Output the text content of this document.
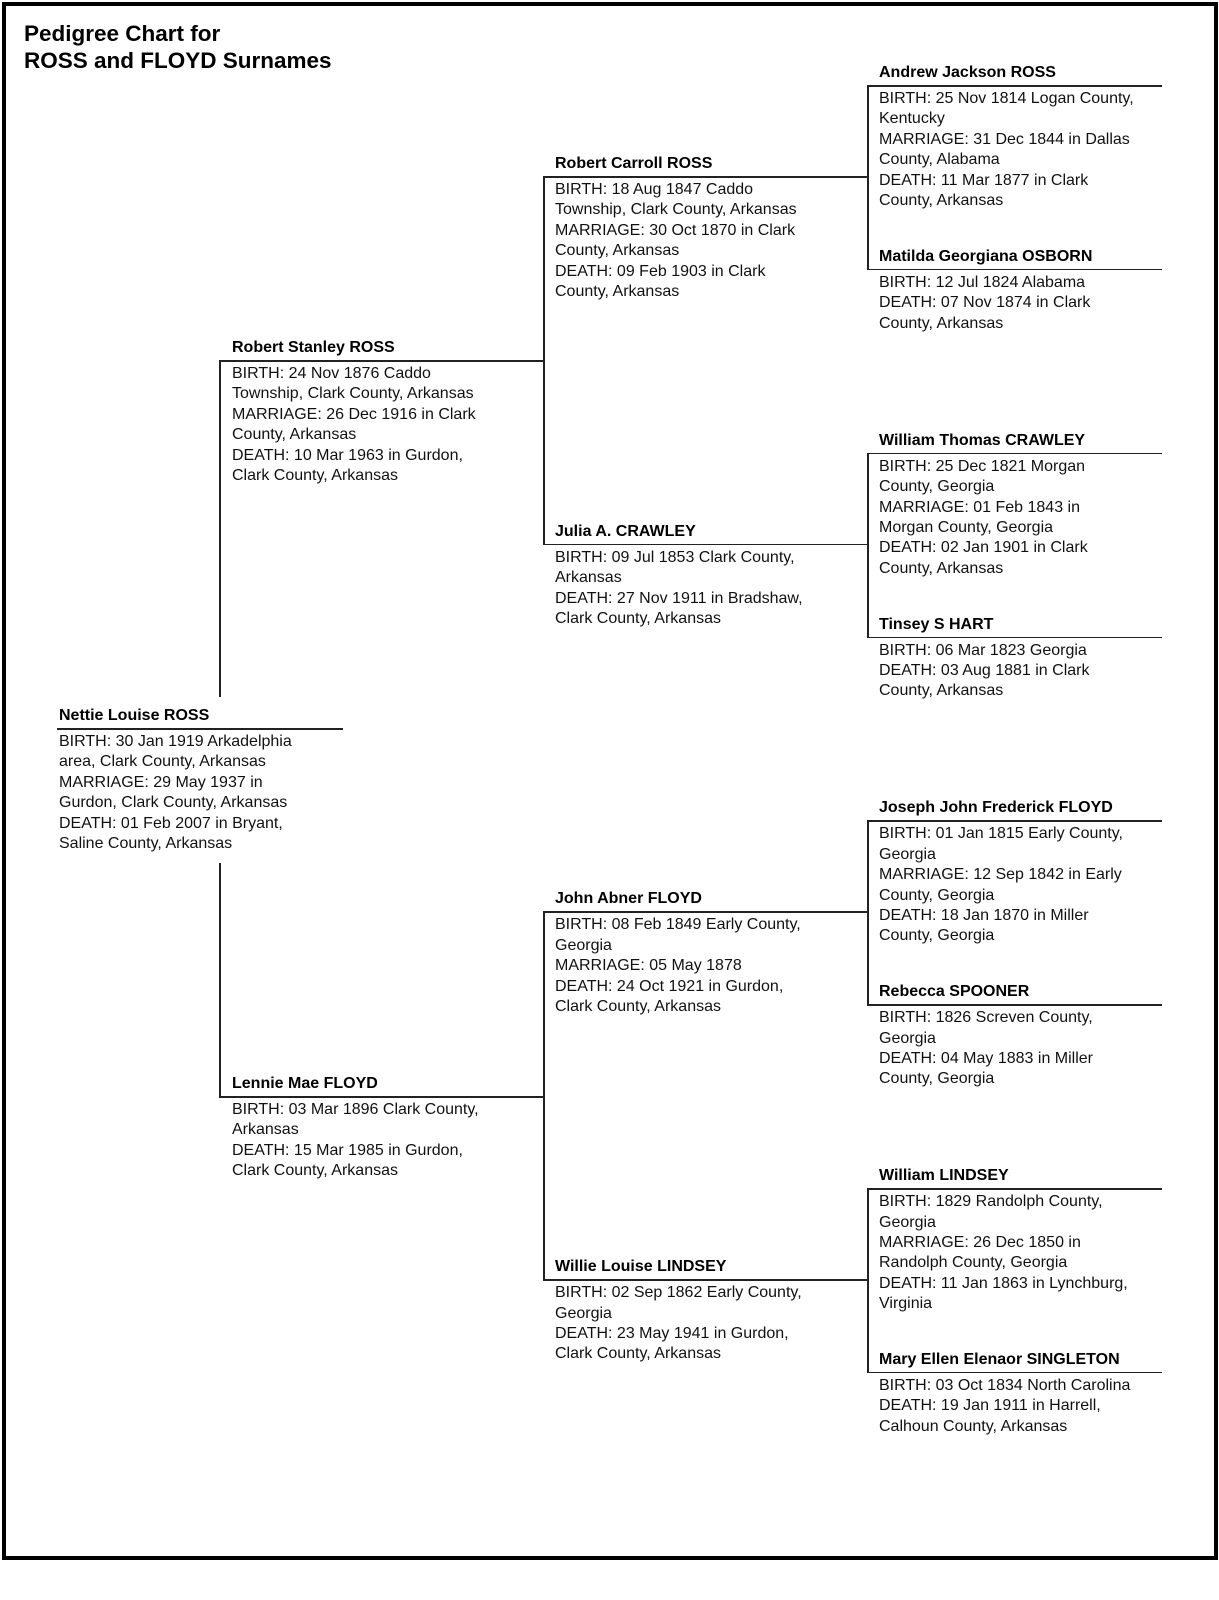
Pedigree Chart for
ROSS and FLOYD Surnames
Nettie Louise ROSS
BIRTH: 30 Jan 1919 Arkadelphia
area, Clark County, Arkansas
MARRIAGE: 29 May 1937 in
Gurdon, Clark County, Arkansas
DEATH: 01 Feb 2007 in Bryant,
Saline County, Arkansas
Robert Stanley ROSS
BIRTH: 24 Nov 1876 Caddo
Township, Clark County, Arkansas
MARRIAGE: 26 Dec 1916 in Clark
County, Arkansas
DEATH: 10 Mar 1963 in Gurdon,
Clark County, Arkansas
Lennie Mae FLOYD
BIRTH: 03 Mar 1896 Clark County,
Arkansas
DEATH: 15 Mar 1985 in Gurdon,
Clark County, Arkansas
Robert Carroll ROSS
BIRTH: 18 Aug 1847 Caddo
Township, Clark County, Arkansas
MARRIAGE: 30 Oct 1870 in Clark
County, Arkansas
DEATH: 09 Feb 1903 in Clark
County, Arkansas
Julia A. CRAWLEY
BIRTH: 09 Jul 1853 Clark County,
Arkansas
DEATH: 27 Nov 1911 in Bradshaw,
Clark County, Arkansas
John Abner FLOYD
BIRTH: 08 Feb 1849 Early County,
Georgia
MARRIAGE: 05 May 1878
DEATH: 24 Oct 1921 in Gurdon,
Clark County, Arkansas
Willie Louise LINDSEY
BIRTH: 02 Sep 1862 Early County,
Georgia
DEATH: 23 May 1941 in Gurdon,
Clark County, Arkansas
Andrew Jackson ROSS
BIRTH: 25 Nov 1814 Logan County,
Kentucky
MARRIAGE: 31 Dec 1844 in Dallas
County, Alabama
DEATH: 11 Mar 1877 in Clark
County, Arkansas
Matilda Georgiana OSBORN
BIRTH: 12 Jul 1824 Alabama
DEATH: 07 Nov 1874 in Clark
County, Arkansas
William Thomas CRAWLEY
BIRTH: 25 Dec 1821 Morgan
County, Georgia
MARRIAGE: 01 Feb 1843 in
Morgan County, Georgia
DEATH: 02 Jan 1901 in Clark
County, Arkansas
Tinsey S HART
BIRTH: 06 Mar 1823 Georgia
DEATH: 03 Aug 1881 in Clark
County, Arkansas
Joseph John Frederick FLOYD
BIRTH: 01 Jan 1815 Early County,
Georgia
MARRIAGE: 12 Sep 1842 in Early
County, Georgia
DEATH: 18 Jan 1870 in Miller
County, Georgia
Rebecca SPOONER
BIRTH: 1826 Screven County,
Georgia
DEATH: 04 May 1883 in Miller
County, Georgia
William LINDSEY
BIRTH: 1829 Randolph County,
Georgia
MARRIAGE: 26 Dec 1850 in
Randolph County, Georgia
DEATH: 11 Jan 1863 in Lynchburg,
Virginia
Mary Ellen Elenaor SINGLETON
BIRTH: 03 Oct 1834 North Carolina
DEATH: 19 Jan 1911 in Harrell,
Calhoun County, Arkansas
